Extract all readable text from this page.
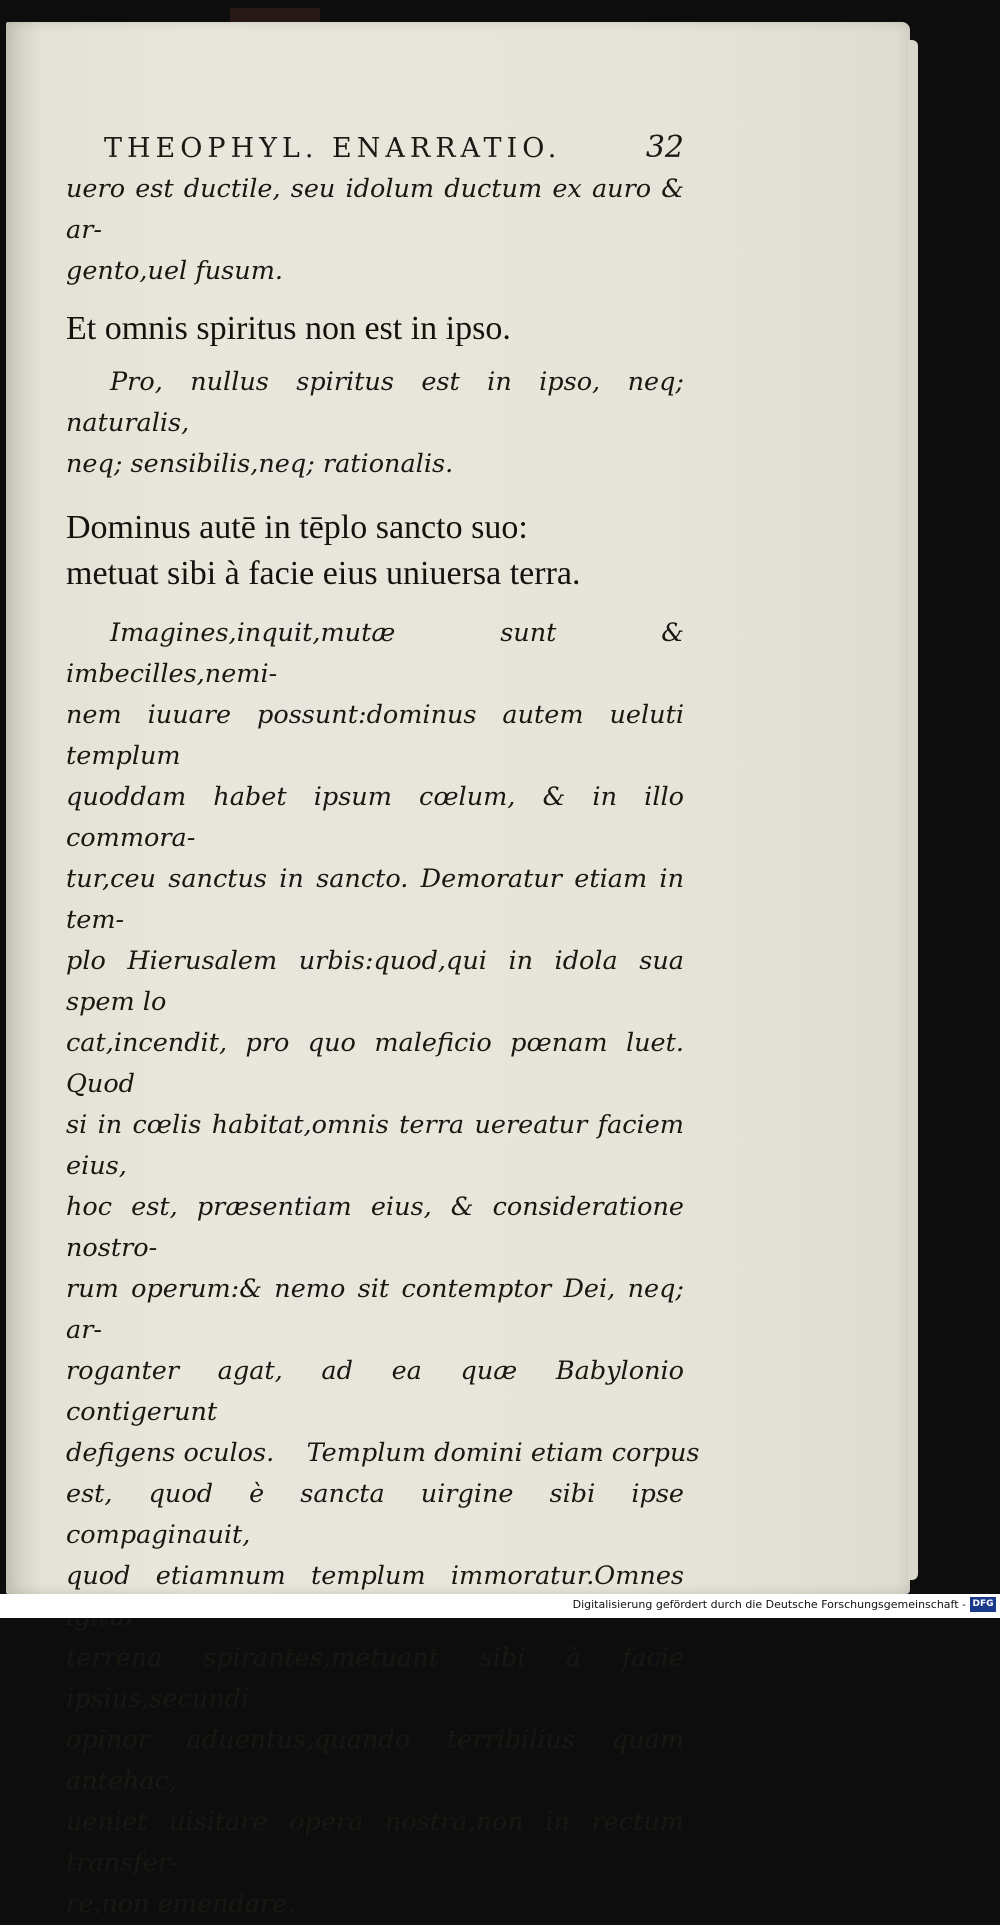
THEOPHYL. ENARRATIO.	32

uero est ductile, seu idolum ductum ex auro & ar-

gento,uel fusum.

Et omnis spiritus non est in ipso.

Pro, nullus spiritus est in ipso, neq; naturalis,

neq; sensibilis,neq; rationalis.

Dominus autē in tēplo sancto suo:
metuat sibi à facie eius uniuersa terra.

Imagines,inquit,mutæ sunt & imbecilles,nemi-

nem iuuare possunt:dominus autem ueluti templum

quoddam habet ipsum cœlum, & in illo commora-

tur,ceu sanctus in sancto. Demoratur etiam in tem-

plo Hierusalem urbis:quod,qui in idola sua spem lo

cat,incendit, pro quo maleficio pœnam luet. Quod

si in cœlis habitat,omnis terra uereatur faciem eius,

hoc est, præsentiam eius, & consideratione nostro-

rum operum:& nemo sit contemptor Dei, neq; ar-

roganter agat, ad ea quæ Babylonio contigerunt

defigens oculos.    Templum domini etiam corpus

est, quod è sancta uirgine sibi ipse compaginauit,

quod etiamnum templum immoratur.Omnes

terrena spirantes,metuant sibi à facie ipsius,secundi

opinor aduentus,quando terribilius quam antehac,

ueniet uisitare opera nostra,non in rectum transfer-

re,non emendare.

Digitalisierung gefördert durch die Deutsche Forschungsgemeinschaft - DFG
